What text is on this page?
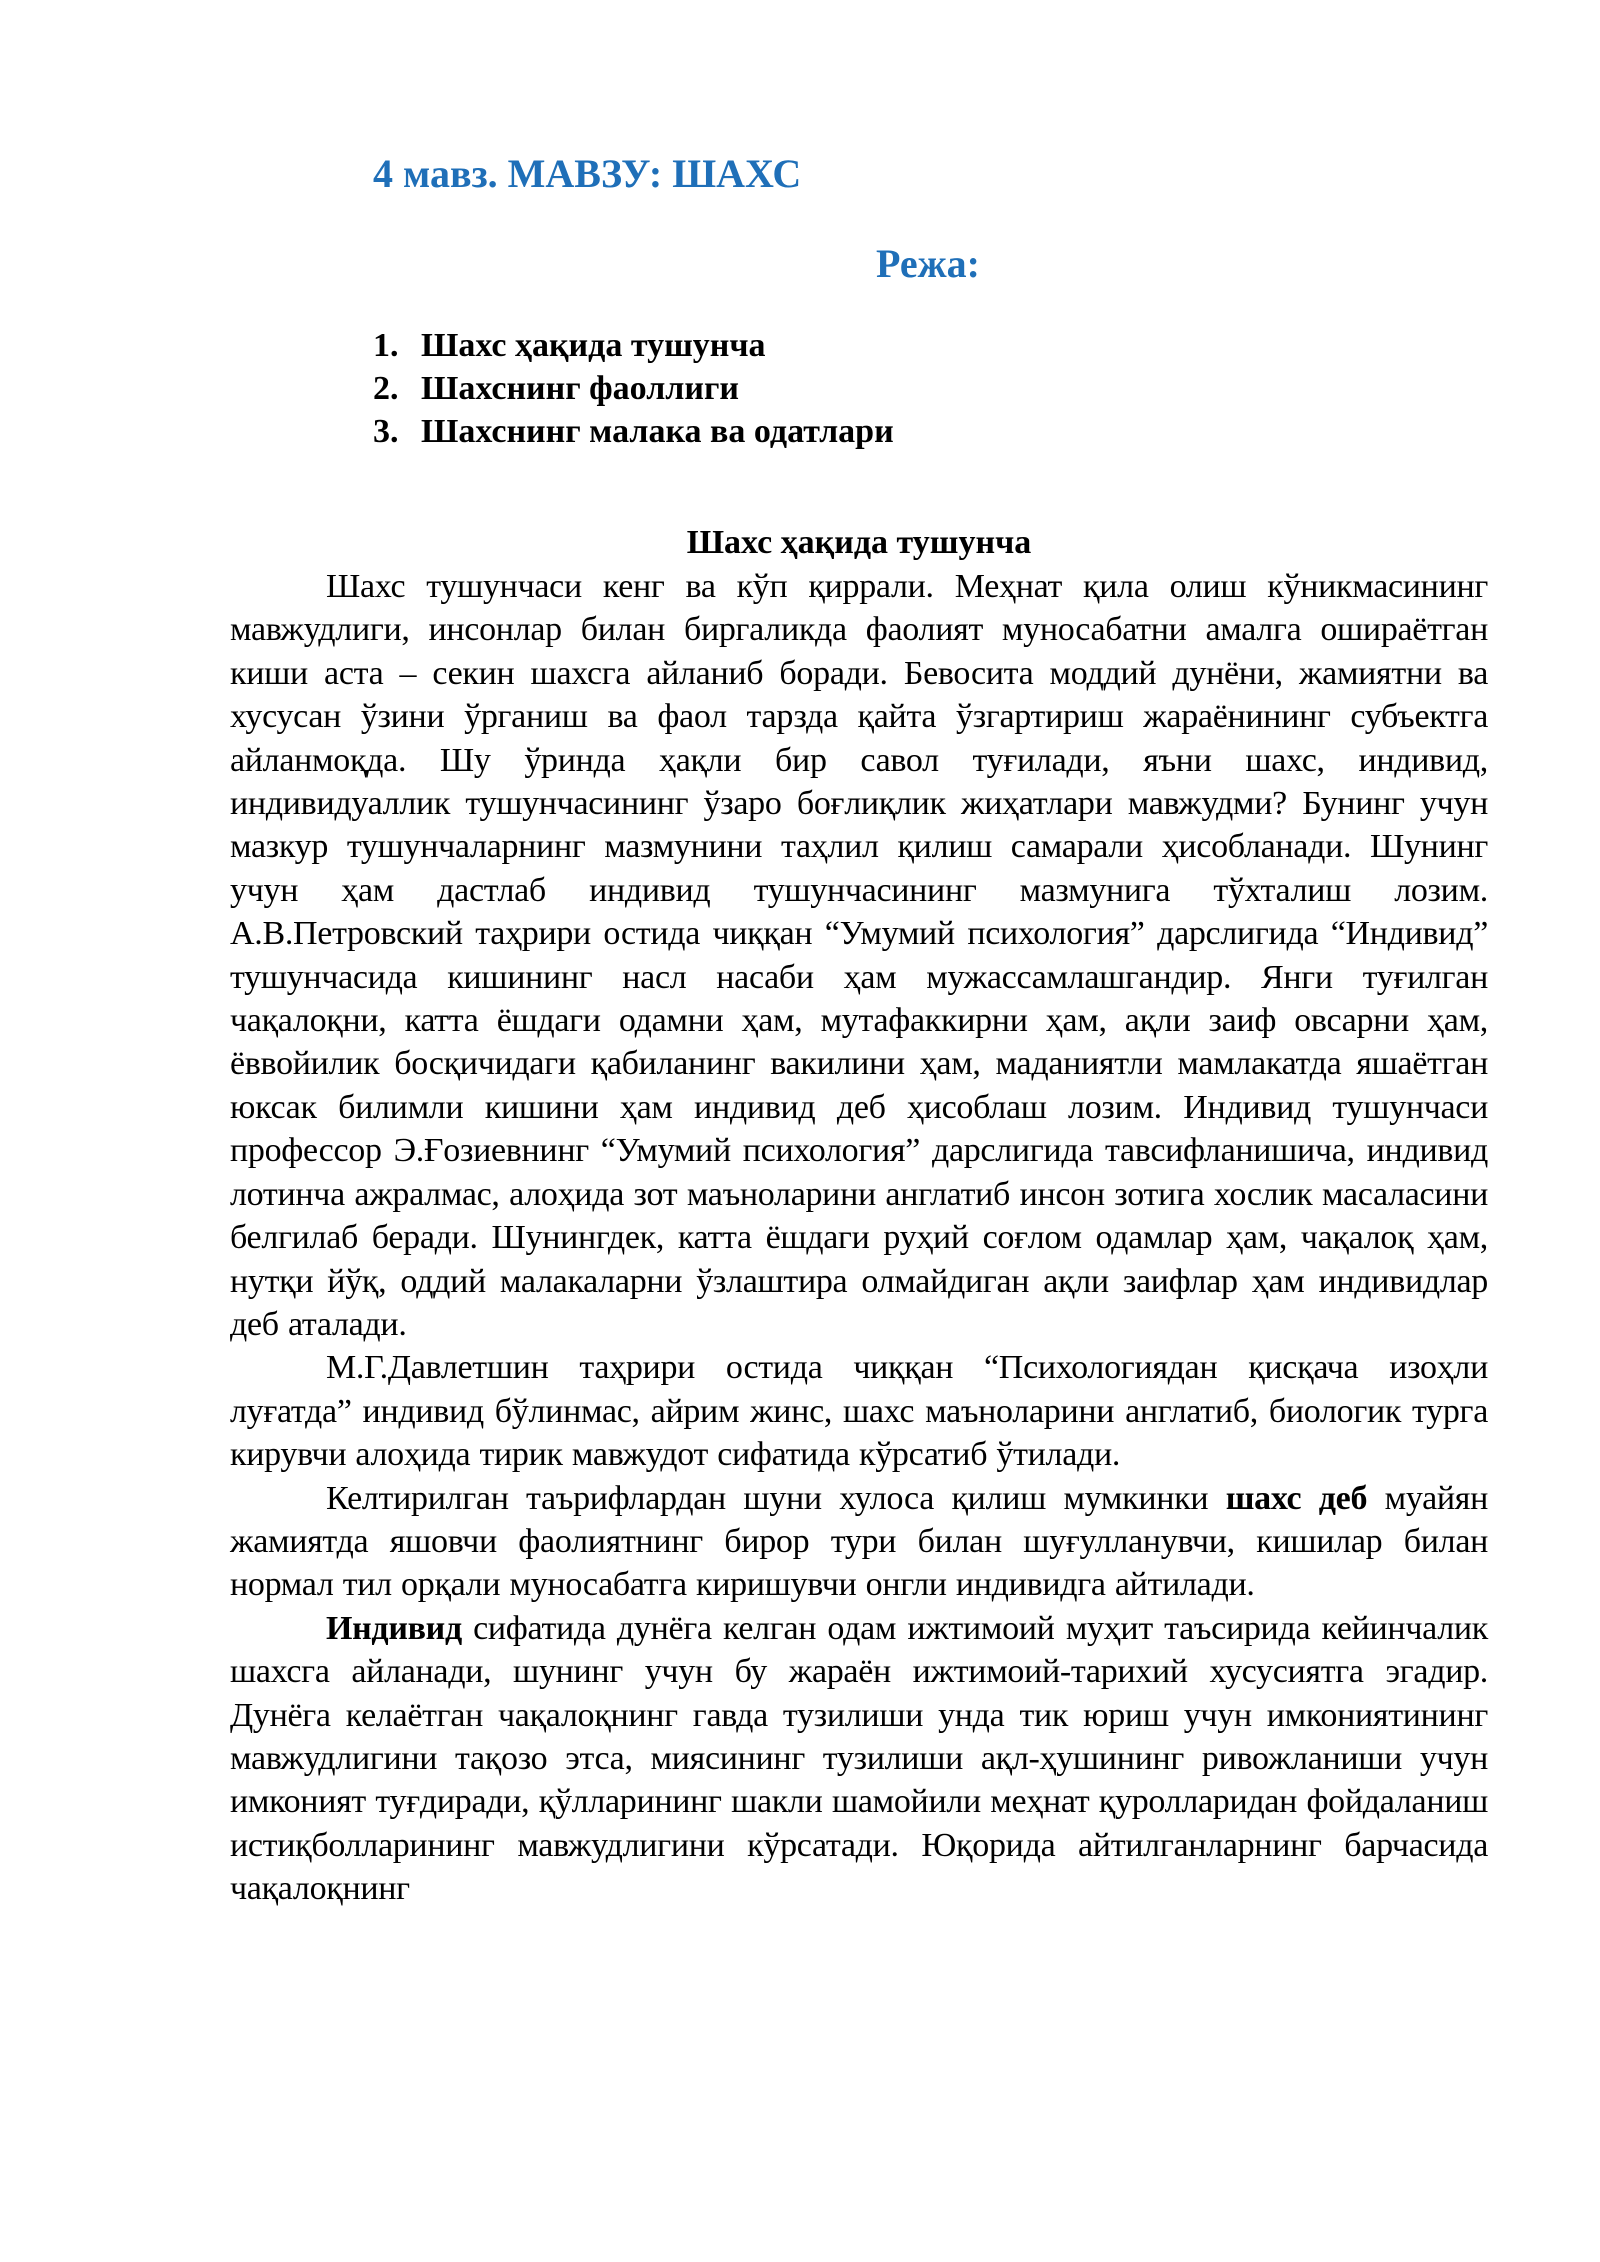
4 мавз. МАВЗУ: ШАХС
Режа:
1. Шахс ҳақида тушунча
2. Шахснинг фаоллиги
3. Шахснинг малака ва одатлари
Шахс ҳақида тушунча

Шахс тушунчаси кенг ва кўп қиррали. Меҳнат қила олиш кўникмасининг мавжудлиги, инсонлар билан биргаликда фаолият муносабатни амалга ошираётган киши аста – секин шахсга айланиб боради. Бевосита моддий дунёни, жамиятни ва хусусан ўзини ўрганиш ва фаол тарзда қайта ўзгартириш жараёнининг субъектга айланмоқда. Шу ўринда ҳақли бир савол туғилади, яъни шахс, индивид, индивидуаллик тушунчасининг ўзаро боғлиқлик жиҳатлари мавжудми? Бунинг учун мазкур тушунчаларнинг мазмунини таҳлил қилиш самарали ҳисобланади. Шунинг учун ҳам дастлаб индивид тушунчасининг мазмунига тўхталиш лозим. А.В.Петровский таҳрири остида чиққан “Умумий психология” дарслигида “Индивид” тушунчасида кишининг насл насаби ҳам мужассамлашгандир. Янги туғилган чақалоқни, катта ёшдаги одамни ҳам, мутафаккирни ҳам, ақли заиф овсарни ҳам, ёввойилик босқичидаги қабиланинг вакилини ҳам, маданиятли мамлакатда яшаётган юксак билимли кишини ҳам индивид деб ҳисоблаш лозим. Индивид тушунчаси профессор Э.Ғозиевнинг “Умумий психология” дарслигида тавсифланишича, индивид лотинча ажралмас, алоҳида зот маъноларини англатиб инсон зотига хослик масаласини белгилаб беради. Шунингдек, катта ёшдаги руҳий соғлом одамлар ҳам, чақалоқ ҳам, нутқи йўқ, оддий малакаларни ўзлаштира олмайдиган ақли заифлар ҳам индивидлар деб аталади.

М.Г.Давлетшин таҳрири остида чиққан “Психологиядан қисқача изоҳли луғатда” индивид бўлинмас, айрим жинс, шахс маъноларини англатиб, биологик турга кирувчи алоҳида тирик мавжудот сифатида кўрсатиб ўтилади.

Келтирилган таърифлардан шуни хулоса қилиш мумкинки шахс деб муайян жамиятда яшовчи фаолиятнинг бирор тури билан шуғулланувчи, кишилар билан нормал тил орқали муносабатга киришувчи онгли индивидга айтилади.

Индивид сифатида дунёга келган одам ижтимоий муҳит таъсирида кейинчалик шахсга айланади, шунинг учун бу жараён ижтимоий-тарихий хусусиятга эгадир. Дунёга келаётган чақалоқнинг гавда тузилиши унда тик юриш учун имкониятининг мавжудлигини тақозо этса, миясининг тузилиши ақл-ҳушининг ривожланиши учун имконият туғдиради, қўлларининг шакли шамойили меҳнат қуролларидан фойдаланиш истиқболларининг мавжудлигини кўрсатади. Юқорида айтилганларнинг барчасида чақалоқнинг
